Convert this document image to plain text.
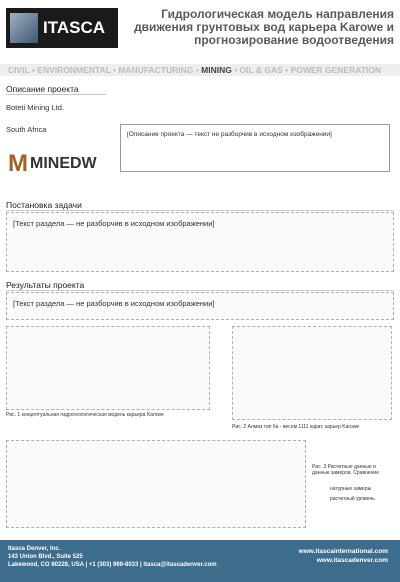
ITASCA
Гидрологическая модель направления движения грунтовых вод карьера Karowe и прогнозирование водоотведения
CIVIL • ENVIRONMENTAL • MANUFACTURING • MINING • OIL & GAS • POWER GENERATION
Описание проекта
Boteti Mining Ltd.
South Africa
M MINEDW
[Описание проекта — текст не разборчив в исходном изображении]
Постановка задачи
[Текст раздела — не разборчив в исходном изображении]
Результаты проекта
[Текст раздела — не разборчив в исходном изображении]
Рис. 1 концептуальная гидрогеологическая модель карьера Karowe
Рис. 2 Алмаз тип IIa - весом 1111 карат, карьер Karowe
Рис. 3 Расчетные данные и данные замеров. Сравнение
натурные замеры
расчетный уровень
Itasca Denver, Inc.
143 Union Blvd., Suite 525
Lakewood, CO 80228, USA | +1 (303) 969-8033 | itasca@itascadenver.com
www.itascainternational.com
www.itascadenver.com
